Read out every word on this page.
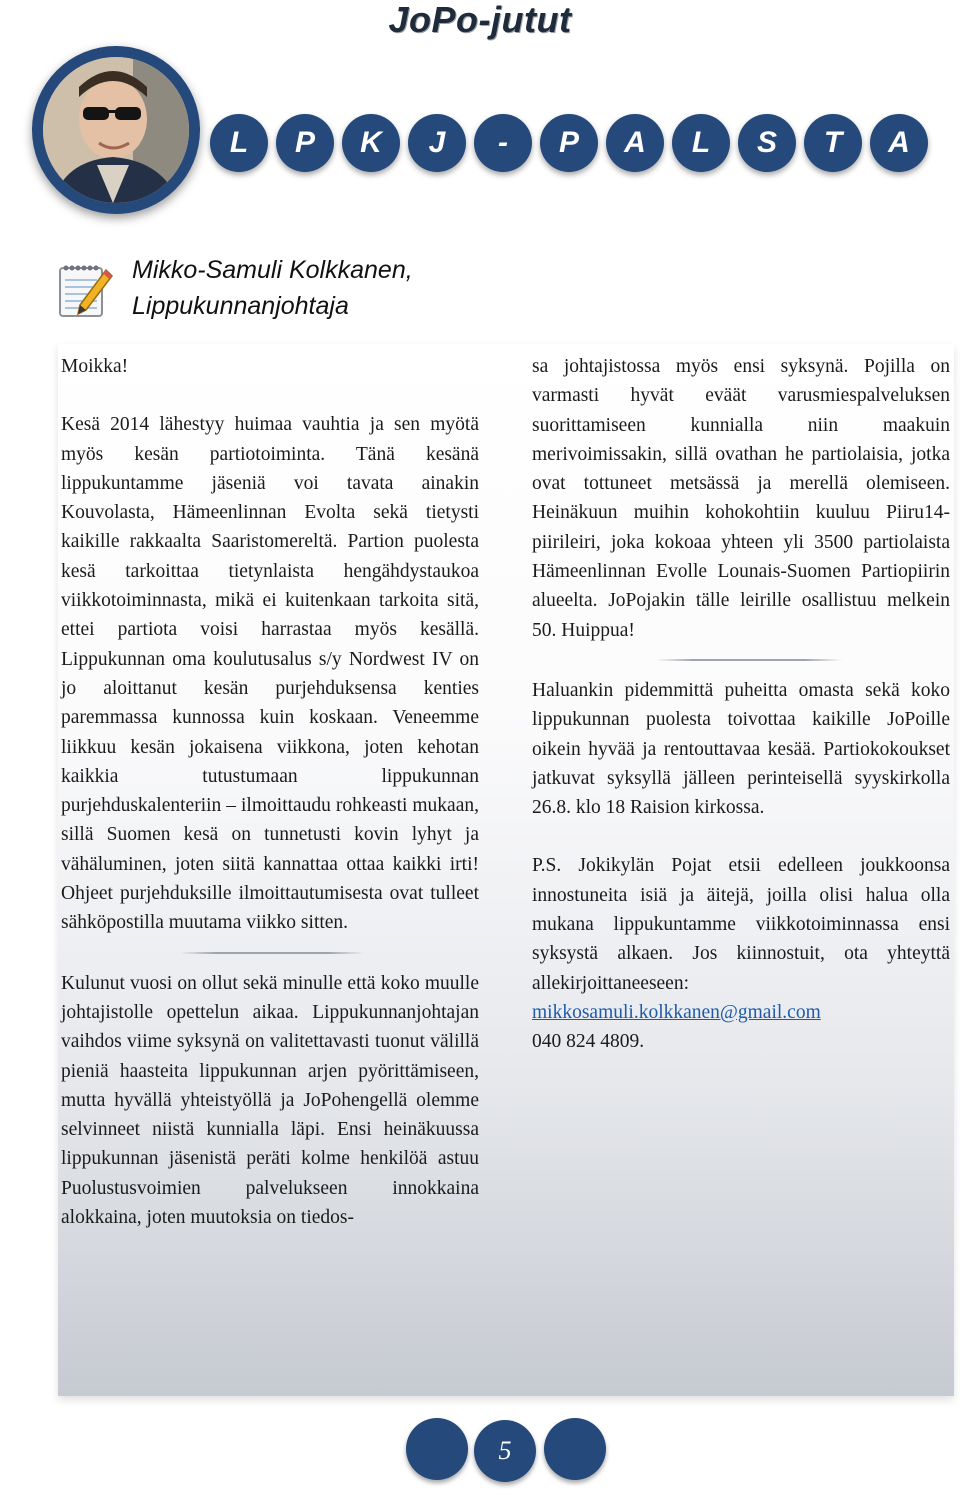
JoPo-jutut
L	P	K	J	-	P	A	L	S	T	A
Mikko-Samuli Kolkkanen,
Lippukunnanjohtaja

Moikka!

Kesä 2014 lähestyy huimaa vauhtia ja sen myötä myös kesän partiotoiminta. Tänä kesänä lippukuntamme jäseniä voi tavata ainakin Kouvolasta, Hämeenlinnan Evolta sekä tietysti kaikille rakkaalta Saaristomereltä. Partion puolesta kesä tarkoittaa tietynlaista hengähdystaukoa viikkotoiminnasta, mikä ei kuitenkaan tarkoita sitä, ettei partiota voisi harrastaa myös kesällä. Lippukunnan oma koulutusalus s/y Nordwest IV on jo aloittanut kesän purjehduksensa kenties paremmassa kunnossa kuin koskaan. Veneemme liikkuu kesän jokaisena viikkona, joten kehotan kaikkia tutustumaan lippukunnan purjehduskalenteriin – ilmoittaudu rohkeasti mukaan, sillä Suomen kesä on tunnetusti kovin lyhyt ja vähäluminen, joten siitä kannattaa ottaa kaikki irti! Ohjeet purjehduksille ilmoittautumisesta ovat tulleet sähköpostilla muutama viikko sitten.

Kulunut vuosi on ollut sekä minulle että koko muulle johtajistolle opettelun aikaa. Lippukunnanjohtajan vaihdos viime syksynä on valitettavasti tuonut välillä pieniä haasteita lippukunnan arjen pyörittämiseen, mutta hyvällä yhteistyöllä ja JoPohengellä olemme selvinneet niistä kunnialla läpi. Ensi heinäkuussa lippukunnan jäsenistä peräti kolme henkilöä astuu Puolustusvoimien palvelukseen innokkaina alokkaina, joten muutoksia on tiedos-

sa johtajistossa myös ensi syksynä. Pojilla on varmasti hyvät eväät varusmiespalveluksen suorittamiseen kunnialla niin maakuin merivoimissakin, sillä ovathan he partiolaisia, jotka ovat tottuneet metsässä ja merellä olemiseen. Heinäkuun muihin kohokohtiin kuuluu Piiru14-piirileiri, joka kokoaa yhteen yli 3500 partiolaista Hämeenlinnan Evolle Lounais-Suomen Partiopiirin alueelta. JoPojakin tälle leirille osallistuu melkein 50. Huippua!

Haluankin pidemmittä puheitta omasta sekä koko lippukunnan puolesta toivottaa kaikille JoPoille oikein hyvää ja rentouttavaa kesää. Partiokokoukset jatkuvat syksyllä jälleen perinteisellä syyskirkolla 26.8. klo 18 Raision kirkossa.

P.S. Jokikylän Pojat etsii edelleen joukkoonsa innostuneita isiä ja äitejä, joilla olisi halua olla mukana lippukuntamme viikkotoiminnassa ensi syksystä alkaen. Jos kiinnostuit, ota yhteyttä allekirjoittaneeseen:

mikkosamuli.kolkkanen@gmail.com

040 824 4809.

5
